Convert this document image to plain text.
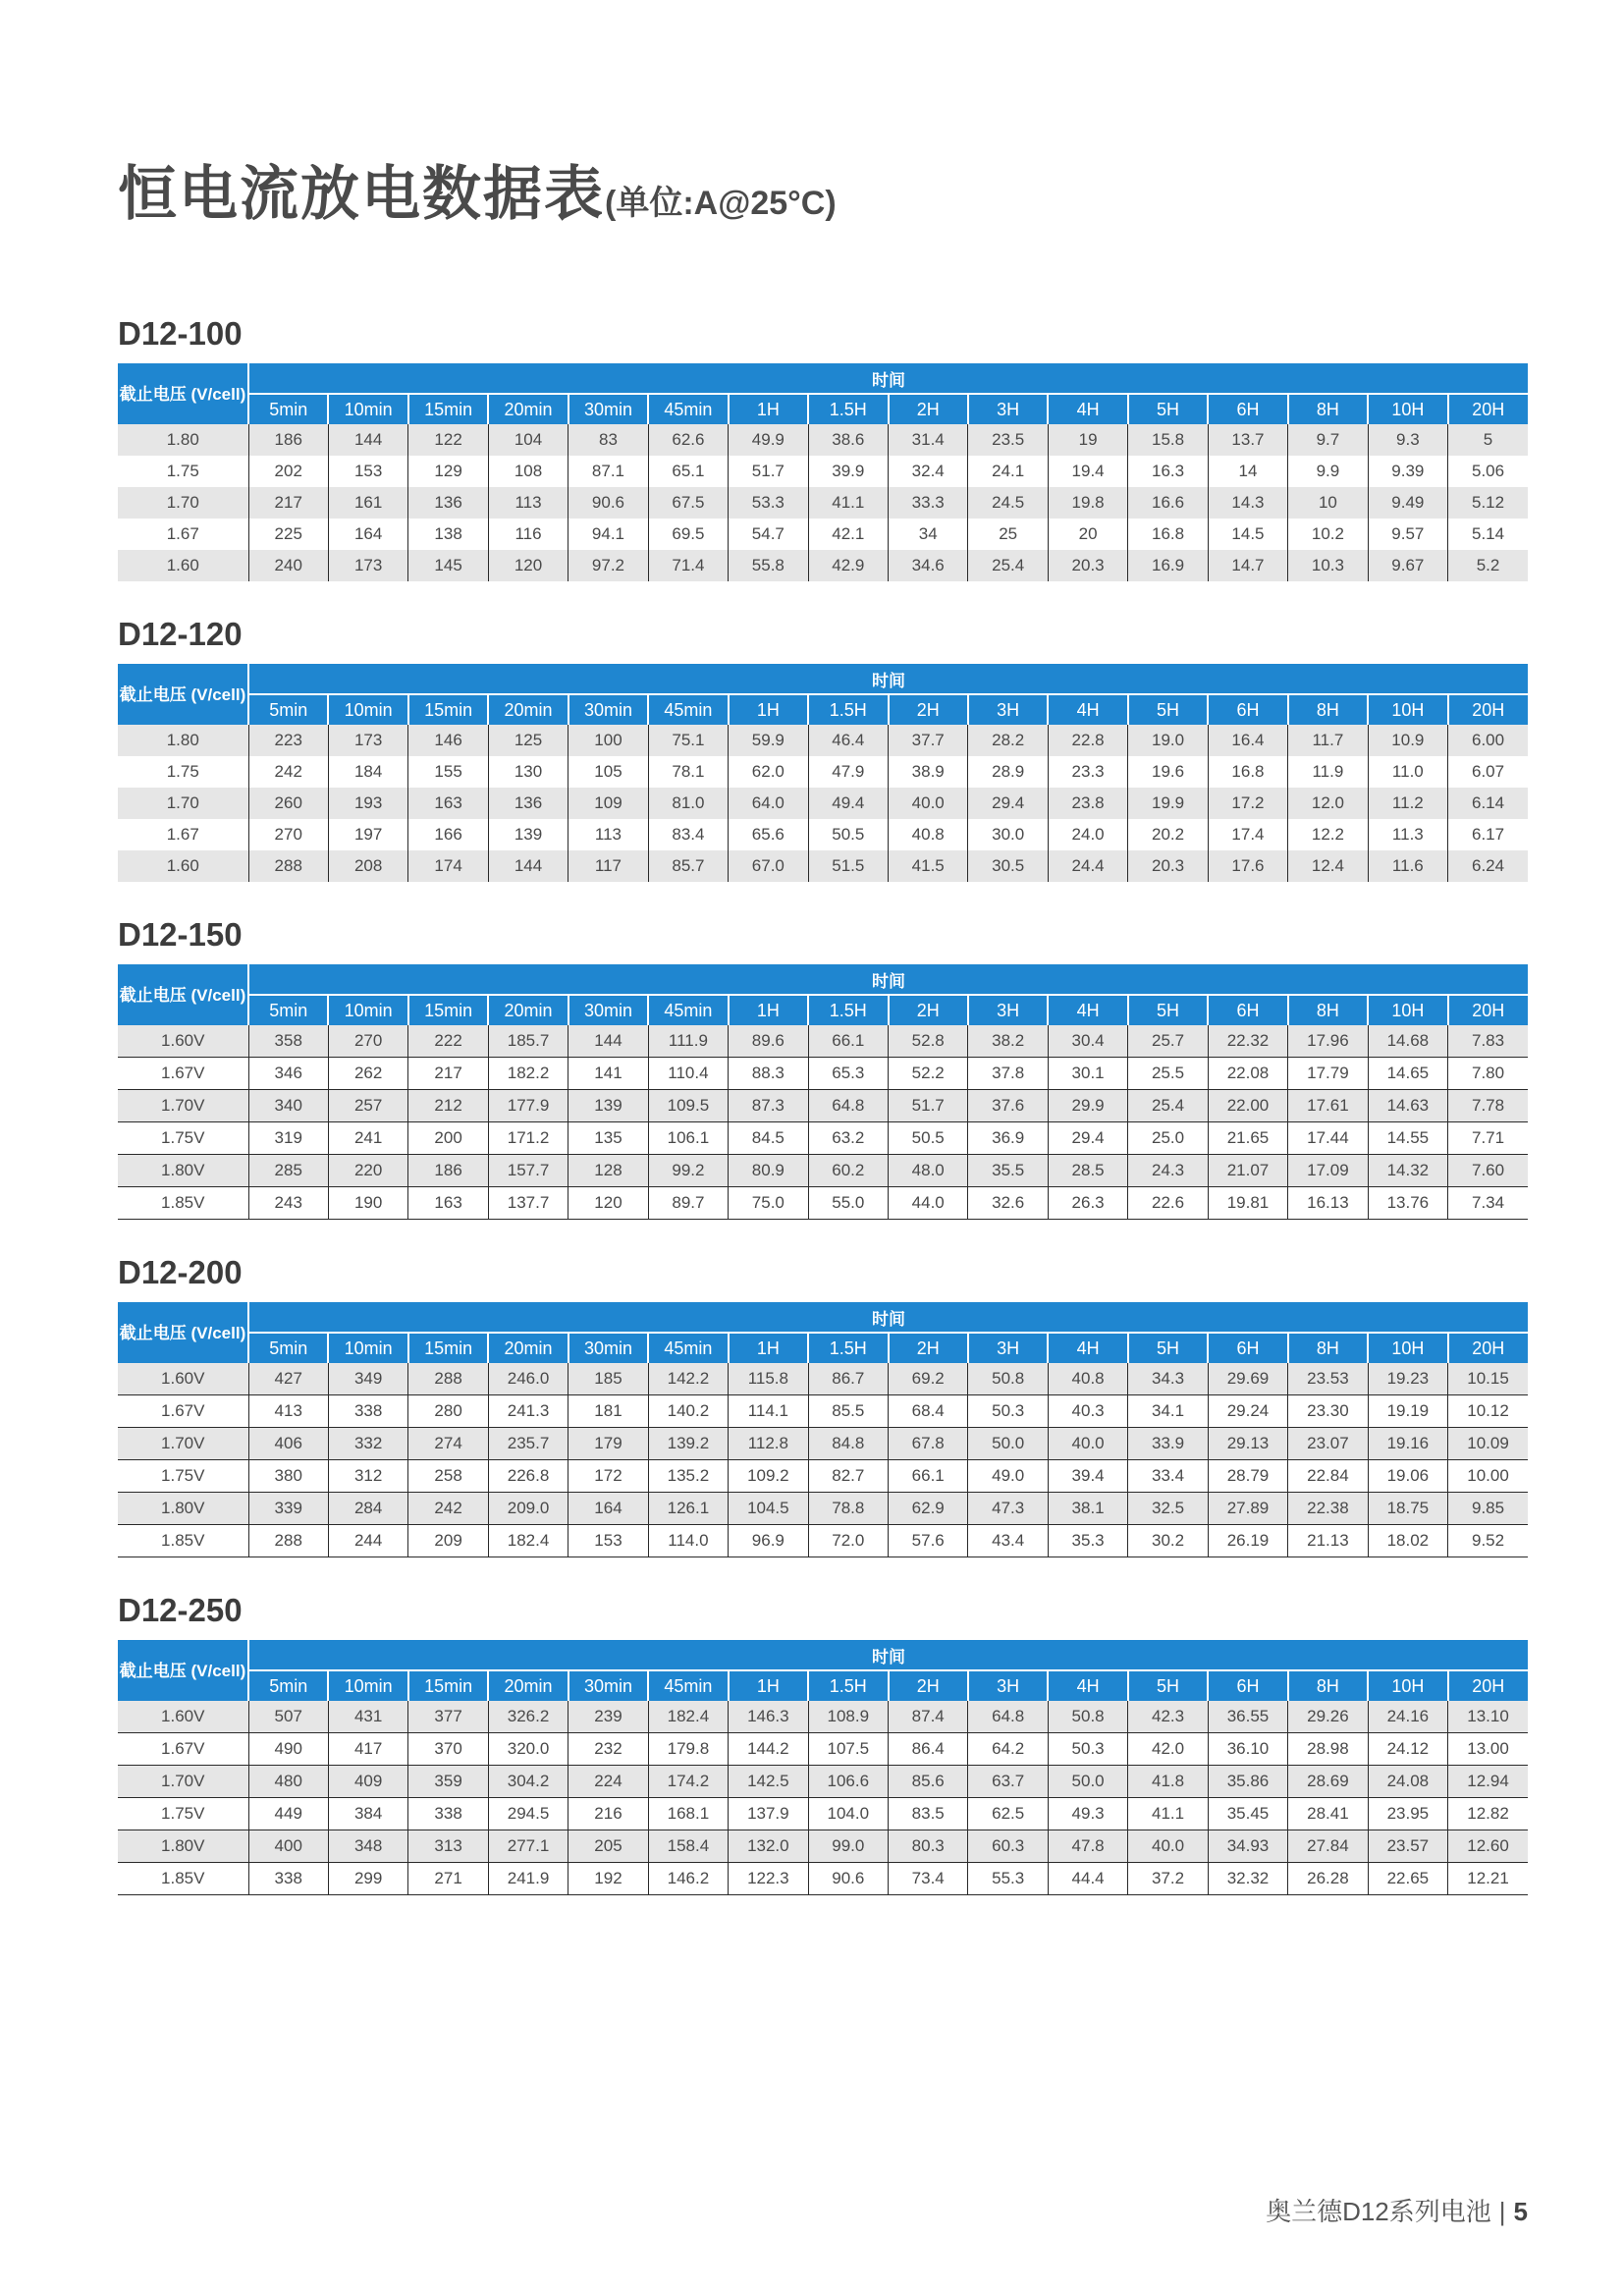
恒电流放电数据表(单位:A@25°C)
D12-100
截止电压 (V/cell)	时间															
	5min	10min	15min	20min	30min	45min	1H	1.5H	2H	3H	4H	5H	6H	8H	10H	20H
1.80	186	144	122	104	83	62.6	49.9	38.6	31.4	23.5	19	15.8	13.7	9.7	9.3	5
1.75	202	153	129	108	87.1	65.1	51.7	39.9	32.4	24.1	19.4	16.3	14	9.9	9.39	5.06
1.70	217	161	136	113	90.6	67.5	53.3	41.1	33.3	24.5	19.8	16.6	14.3	10	9.49	5.12
1.67	225	164	138	116	94.1	69.5	54.7	42.1	34	25	20	16.8	14.5	10.2	9.57	5.14
1.60	240	173	145	120	97.2	71.4	55.8	42.9	34.6	25.4	20.3	16.9	14.7	10.3	9.67	5.2
D12-120
截止电压 (V/cell)	时间															
	5min	10min	15min	20min	30min	45min	1H	1.5H	2H	3H	4H	5H	6H	8H	10H	20H
1.80	223	173	146	125	100	75.1	59.9	46.4	37.7	28.2	22.8	19.0	16.4	11.7	10.9	6.00
1.75	242	184	155	130	105	78.1	62.0	47.9	38.9	28.9	23.3	19.6	16.8	11.9	11.0	6.07
1.70	260	193	163	136	109	81.0	64.0	49.4	40.0	29.4	23.8	19.9	17.2	12.0	11.2	6.14
1.67	270	197	166	139	113	83.4	65.6	50.5	40.8	30.0	24.0	20.2	17.4	12.2	11.3	6.17
1.60	288	208	174	144	117	85.7	67.0	51.5	41.5	30.5	24.4	20.3	17.6	12.4	11.6	6.24
D12-150
截止电压 (V/cell)	时间															
	5min	10min	15min	20min	30min	45min	1H	1.5H	2H	3H	4H	5H	6H	8H	10H	20H
1.60V	358	270	222	185.7	144	111.9	89.6	66.1	52.8	38.2	30.4	25.7	22.32	17.96	14.68	7.83
1.67V	346	262	217	182.2	141	110.4	88.3	65.3	52.2	37.8	30.1	25.5	22.08	17.79	14.65	7.80
1.70V	340	257	212	177.9	139	109.5	87.3	64.8	51.7	37.6	29.9	25.4	22.00	17.61	14.63	7.78
1.75V	319	241	200	171.2	135	106.1	84.5	63.2	50.5	36.9	29.4	25.0	21.65	17.44	14.55	7.71
1.80V	285	220	186	157.7	128	99.2	80.9	60.2	48.0	35.5	28.5	24.3	21.07	17.09	14.32	7.60
1.85V	243	190	163	137.7	120	89.7	75.0	55.0	44.0	32.6	26.3	22.6	19.81	16.13	13.76	7.34
D12-200
截止电压 (V/cell)	时间															
	5min	10min	15min	20min	30min	45min	1H	1.5H	2H	3H	4H	5H	6H	8H	10H	20H
1.60V	427	349	288	246.0	185	142.2	115.8	86.7	69.2	50.8	40.8	34.3	29.69	23.53	19.23	10.15
1.67V	413	338	280	241.3	181	140.2	114.1	85.5	68.4	50.3	40.3	34.1	29.24	23.30	19.19	10.12
1.70V	406	332	274	235.7	179	139.2	112.8	84.8	67.8	50.0	40.0	33.9	29.13	23.07	19.16	10.09
1.75V	380	312	258	226.8	172	135.2	109.2	82.7	66.1	49.0	39.4	33.4	28.79	22.84	19.06	10.00
1.80V	339	284	242	209.0	164	126.1	104.5	78.8	62.9	47.3	38.1	32.5	27.89	22.38	18.75	9.85
1.85V	288	244	209	182.4	153	114.0	96.9	72.0	57.6	43.4	35.3	30.2	26.19	21.13	18.02	9.52
D12-250
截止电压 (V/cell)	时间															
	5min	10min	15min	20min	30min	45min	1H	1.5H	2H	3H	4H	5H	6H	8H	10H	20H
1.60V	507	431	377	326.2	239	182.4	146.3	108.9	87.4	64.8	50.8	42.3	36.55	29.26	24.16	13.10
1.67V	490	417	370	320.0	232	179.8	144.2	107.5	86.4	64.2	50.3	42.0	36.10	28.98	24.12	13.00
1.70V	480	409	359	304.2	224	174.2	142.5	106.6	85.6	63.7	50.0	41.8	35.86	28.69	24.08	12.94
1.75V	449	384	338	294.5	216	168.1	137.9	104.0	83.5	62.5	49.3	41.1	35.45	28.41	23.95	12.82
1.80V	400	348	313	277.1	205	158.4	132.0	99.0	80.3	60.3	47.8	40.0	34.93	27.84	23.57	12.60
1.85V	338	299	271	241.9	192	146.2	122.3	90.6	73.4	55.3	44.4	37.2	32.32	26.28	22.65	12.21
奥兰德D12系列电池 | 5
